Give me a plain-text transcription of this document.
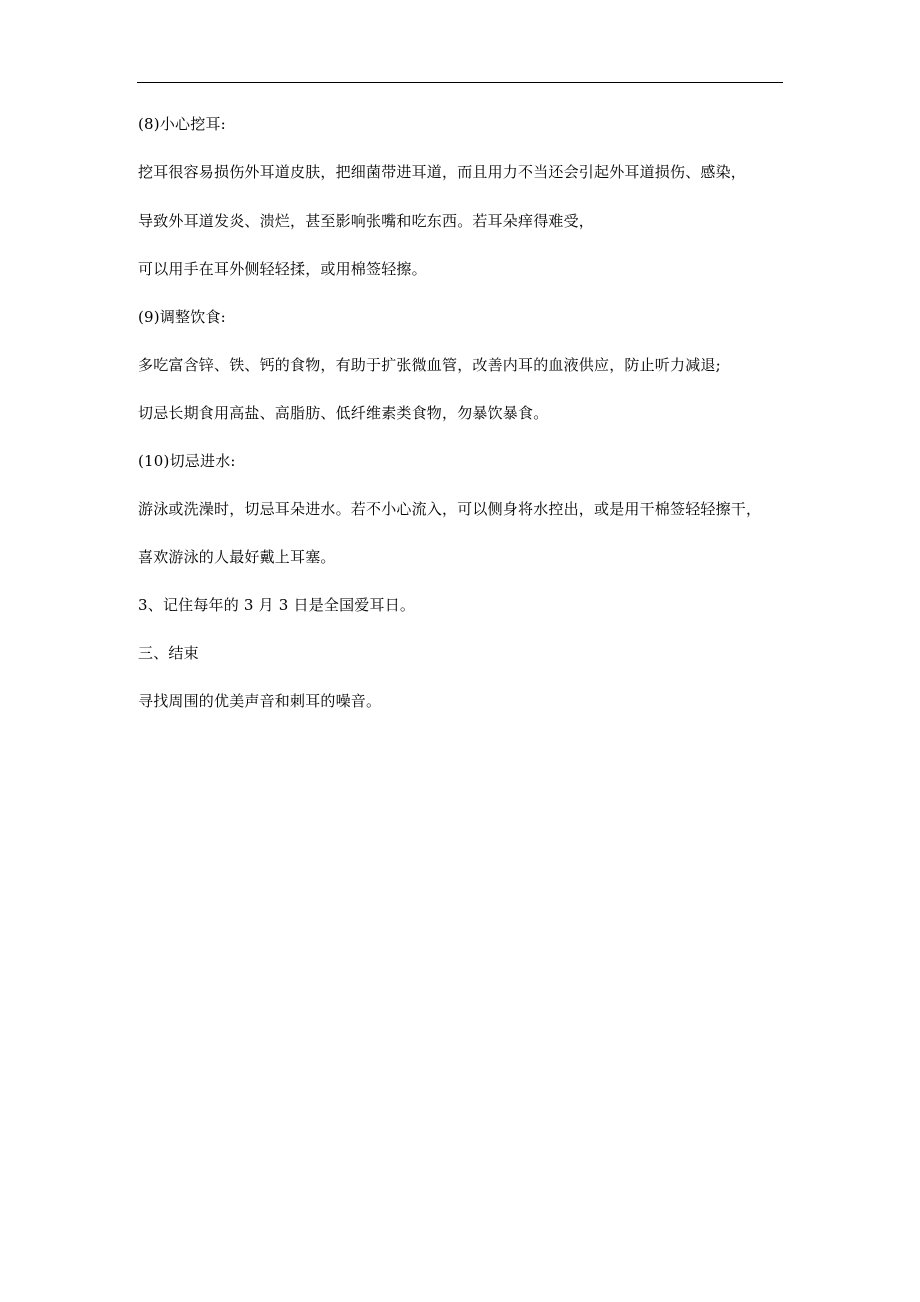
(8)小心挖耳:
挖耳很容易损伤外耳道皮肤，把细菌带进耳道，而且用力不当还会引起外耳道损伤、感染，
导致外耳道发炎、溃烂，甚至影响张嘴和吃东西。若耳朵痒得难受，
可以用手在耳外侧轻轻揉，或用棉签轻擦。
(9)调整饮食:
多吃富含锌、铁、钙的食物，有助于扩张微血管，改善内耳的血液供应，防止听力减退;
切忌长期食用高盐、高脂肪、低纤维素类食物，勿暴饮暴食。
(10)切忌进水:
游泳或洗澡时，切忌耳朵进水。若不小心流入，可以侧身将水控出，或是用干棉签轻轻擦干，
喜欢游泳的人最好戴上耳塞。
3、记住每年的 3 月 3 日是全国爱耳日。
三、结束
寻找周围的优美声音和刺耳的噪音。
